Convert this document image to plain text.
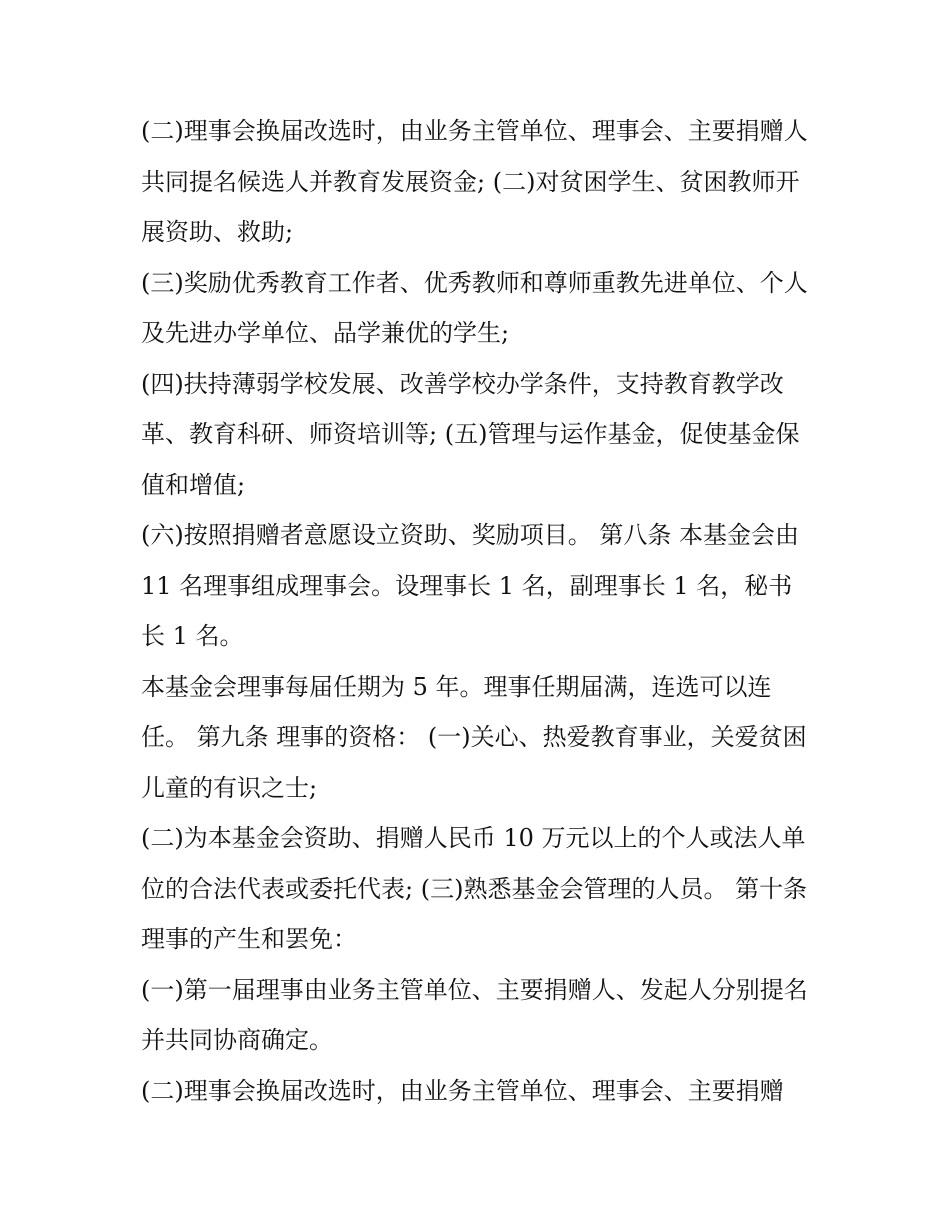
(二)理事会换届改选时，由业务主管单位、理事会、主要捐赠人共同提名候选人并教育发展资金; (二)对贫困学生、贫困教师开展资助、救助;

(三)奖励优秀教育工作者、优秀教师和尊师重教先进单位、个人及先进办学单位、品学兼优的学生;

(四)扶持薄弱学校发展、改善学校办学条件，支持教育教学改革、教育科研、师资培训等; (五)管理与运作基金，促使基金保值和增值;

(六)按照捐赠者意愿设立资助、奖励项目。 第八条 本基金会由 11 名理事组成理事会。设理事长 1 名，副理事长 1 名，秘书长 1 名。

本基金会理事每届任期为 5 年。理事任期届满，连选可以连任。 第九条 理事的资格： (一)关心、热爱教育事业，关爱贫困儿童的有识之士;

(二)为本基金会资助、捐赠人民币 10 万元以上的个人或法人单位的合法代表或委托代表; (三)熟悉基金会管理的人员。 第十条 理事的产生和罢免：

(一)第一届理事由业务主管单位、主要捐赠人、发起人分别提名并共同协商确定。

(二)理事会换届改选时，由业务主管单位、理事会、主要捐赠
